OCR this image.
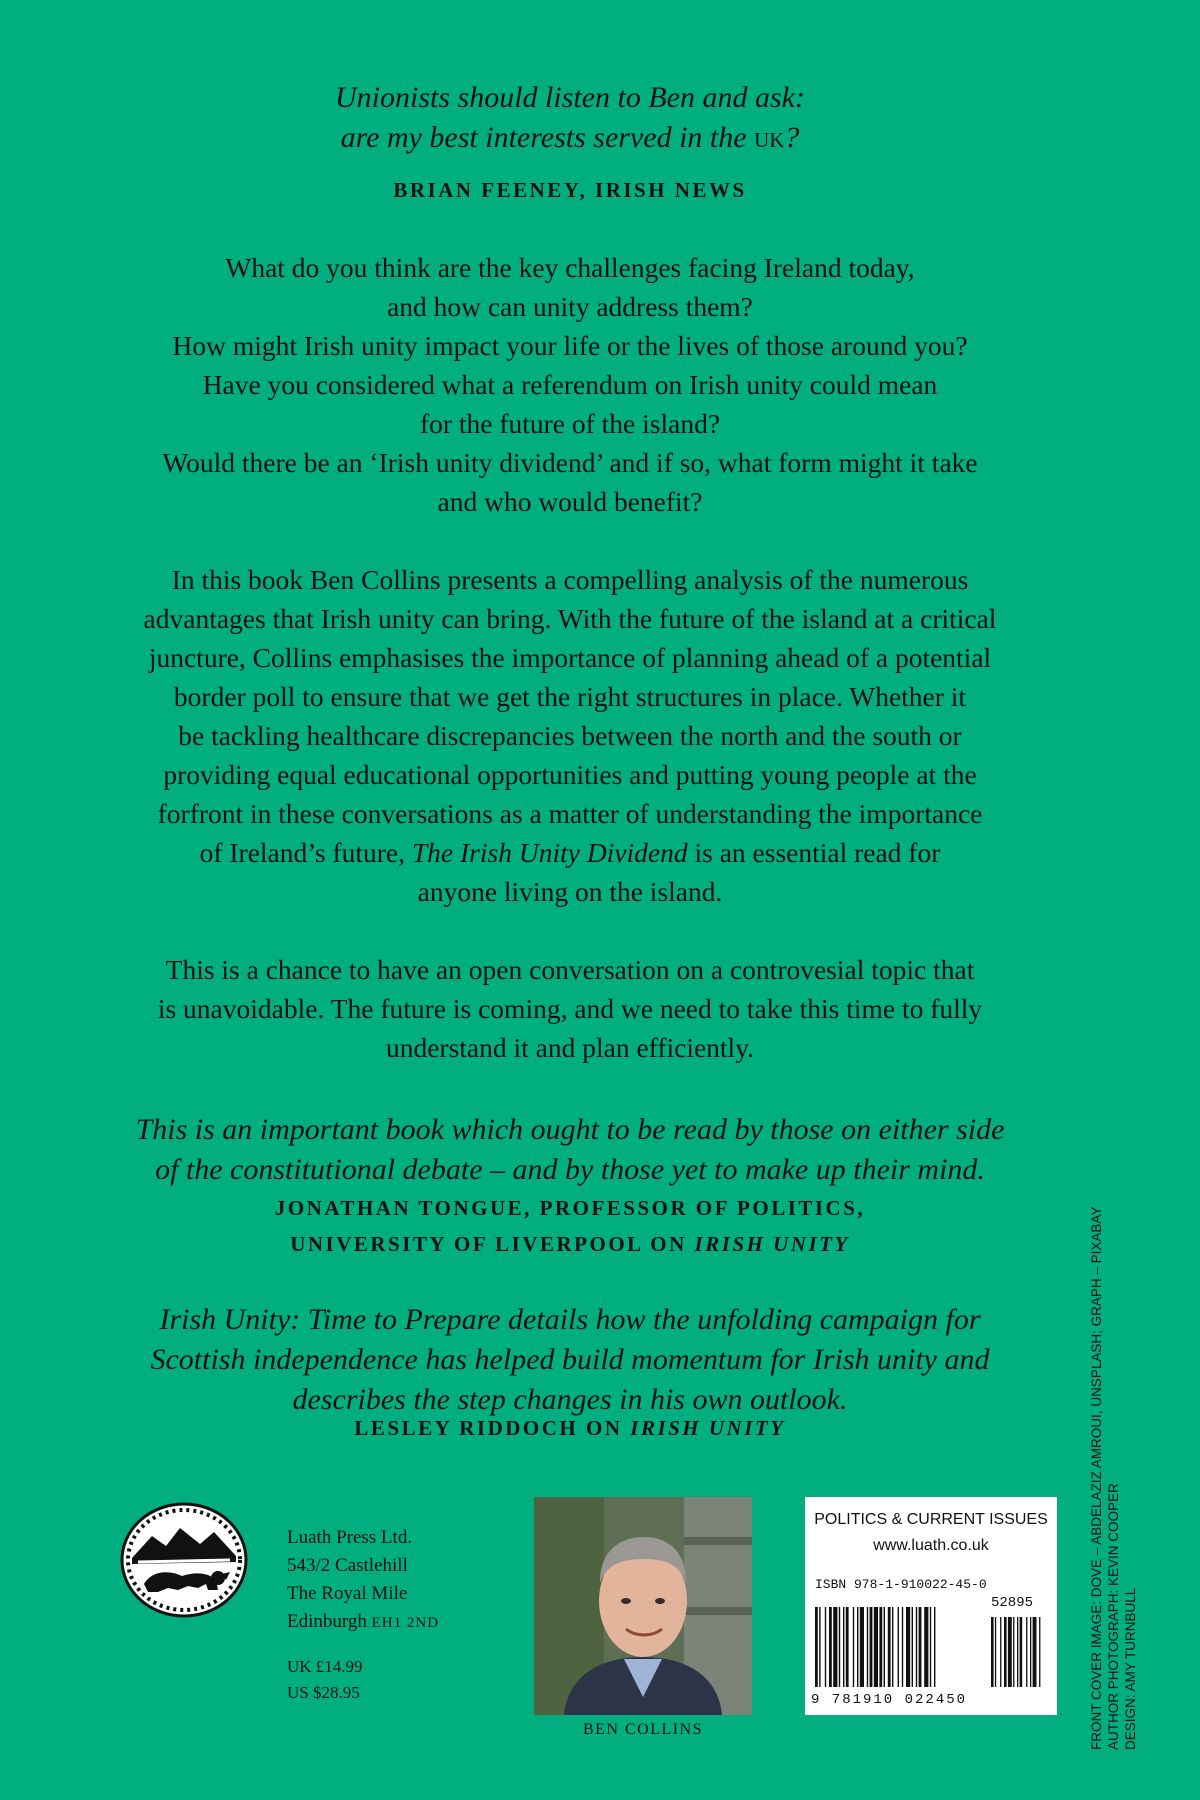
Unionists should listen to Ben and ask:
are my best interests served in the uk?
BRIAN FEENEY, IRISH NEWS

What do you think are the key challenges facing Ireland today,

and how can unity address them?

How might Irish unity impact your life or the lives of those around you?

Have you considered what a referendum on Irish unity could mean

for the future of the island?

Would there be an ‘Irish unity dividend’ and if so, what form might it take

and who would benefit?

In this book Ben Collins presents a compelling analysis of the numerous

advantages that Irish unity can bring. With the future of the island at a critical

juncture, Collins emphasises the importance of planning ahead of a potential

border poll to ensure that we get the right structures in place. Whether it

be tackling healthcare discrepancies between the north and the south or

providing equal educational opportunities and putting young people at the

forfront in these conversations as a matter of understanding the importance

of Ireland’s future, The Irish Unity Dividend is an essential read for

anyone living on the island.

This is a chance to have an open conversation on a controvesial topic that

is unavoidable. The future is coming, and we need to take this time to fully

understand it and plan efficiently.

This is an important book which ought to be read by those on either side
of the constitutional debate – and by those yet to make up their mind.
JONATHAN TONGUE, PROFESSOR OF POLITICS,
UNIVERSITY OF LIVERPOOL ON IRISH UNITY
Irish Unity: Time to Prepare details how the unfolding campaign for
Scottish independence has helped build momentum for Irish unity and
describes the step changes in his own outlook.
LESLEY RIDDOCH ON IRISH UNITY
Luath Press Ltd.
543/2 Castlehill
The Royal Mile
Edinburgh EH1 2ND
UK £14.99
US $28.95
BEN COLLINS
POLITICS & CURRENT ISSUES
www.luath.co.uk
ISBN 978-1-910022-45-0
52895
9 781910 022450	FRONT COVER IMAGE: DOVE – ABDELAZIZ AMROUI, UNSPLASH; GRAPH – PIXABAY AUTHOR PHOTOGRAPH: KEVIN COOPER DESIGN: AMY TURNBULL
